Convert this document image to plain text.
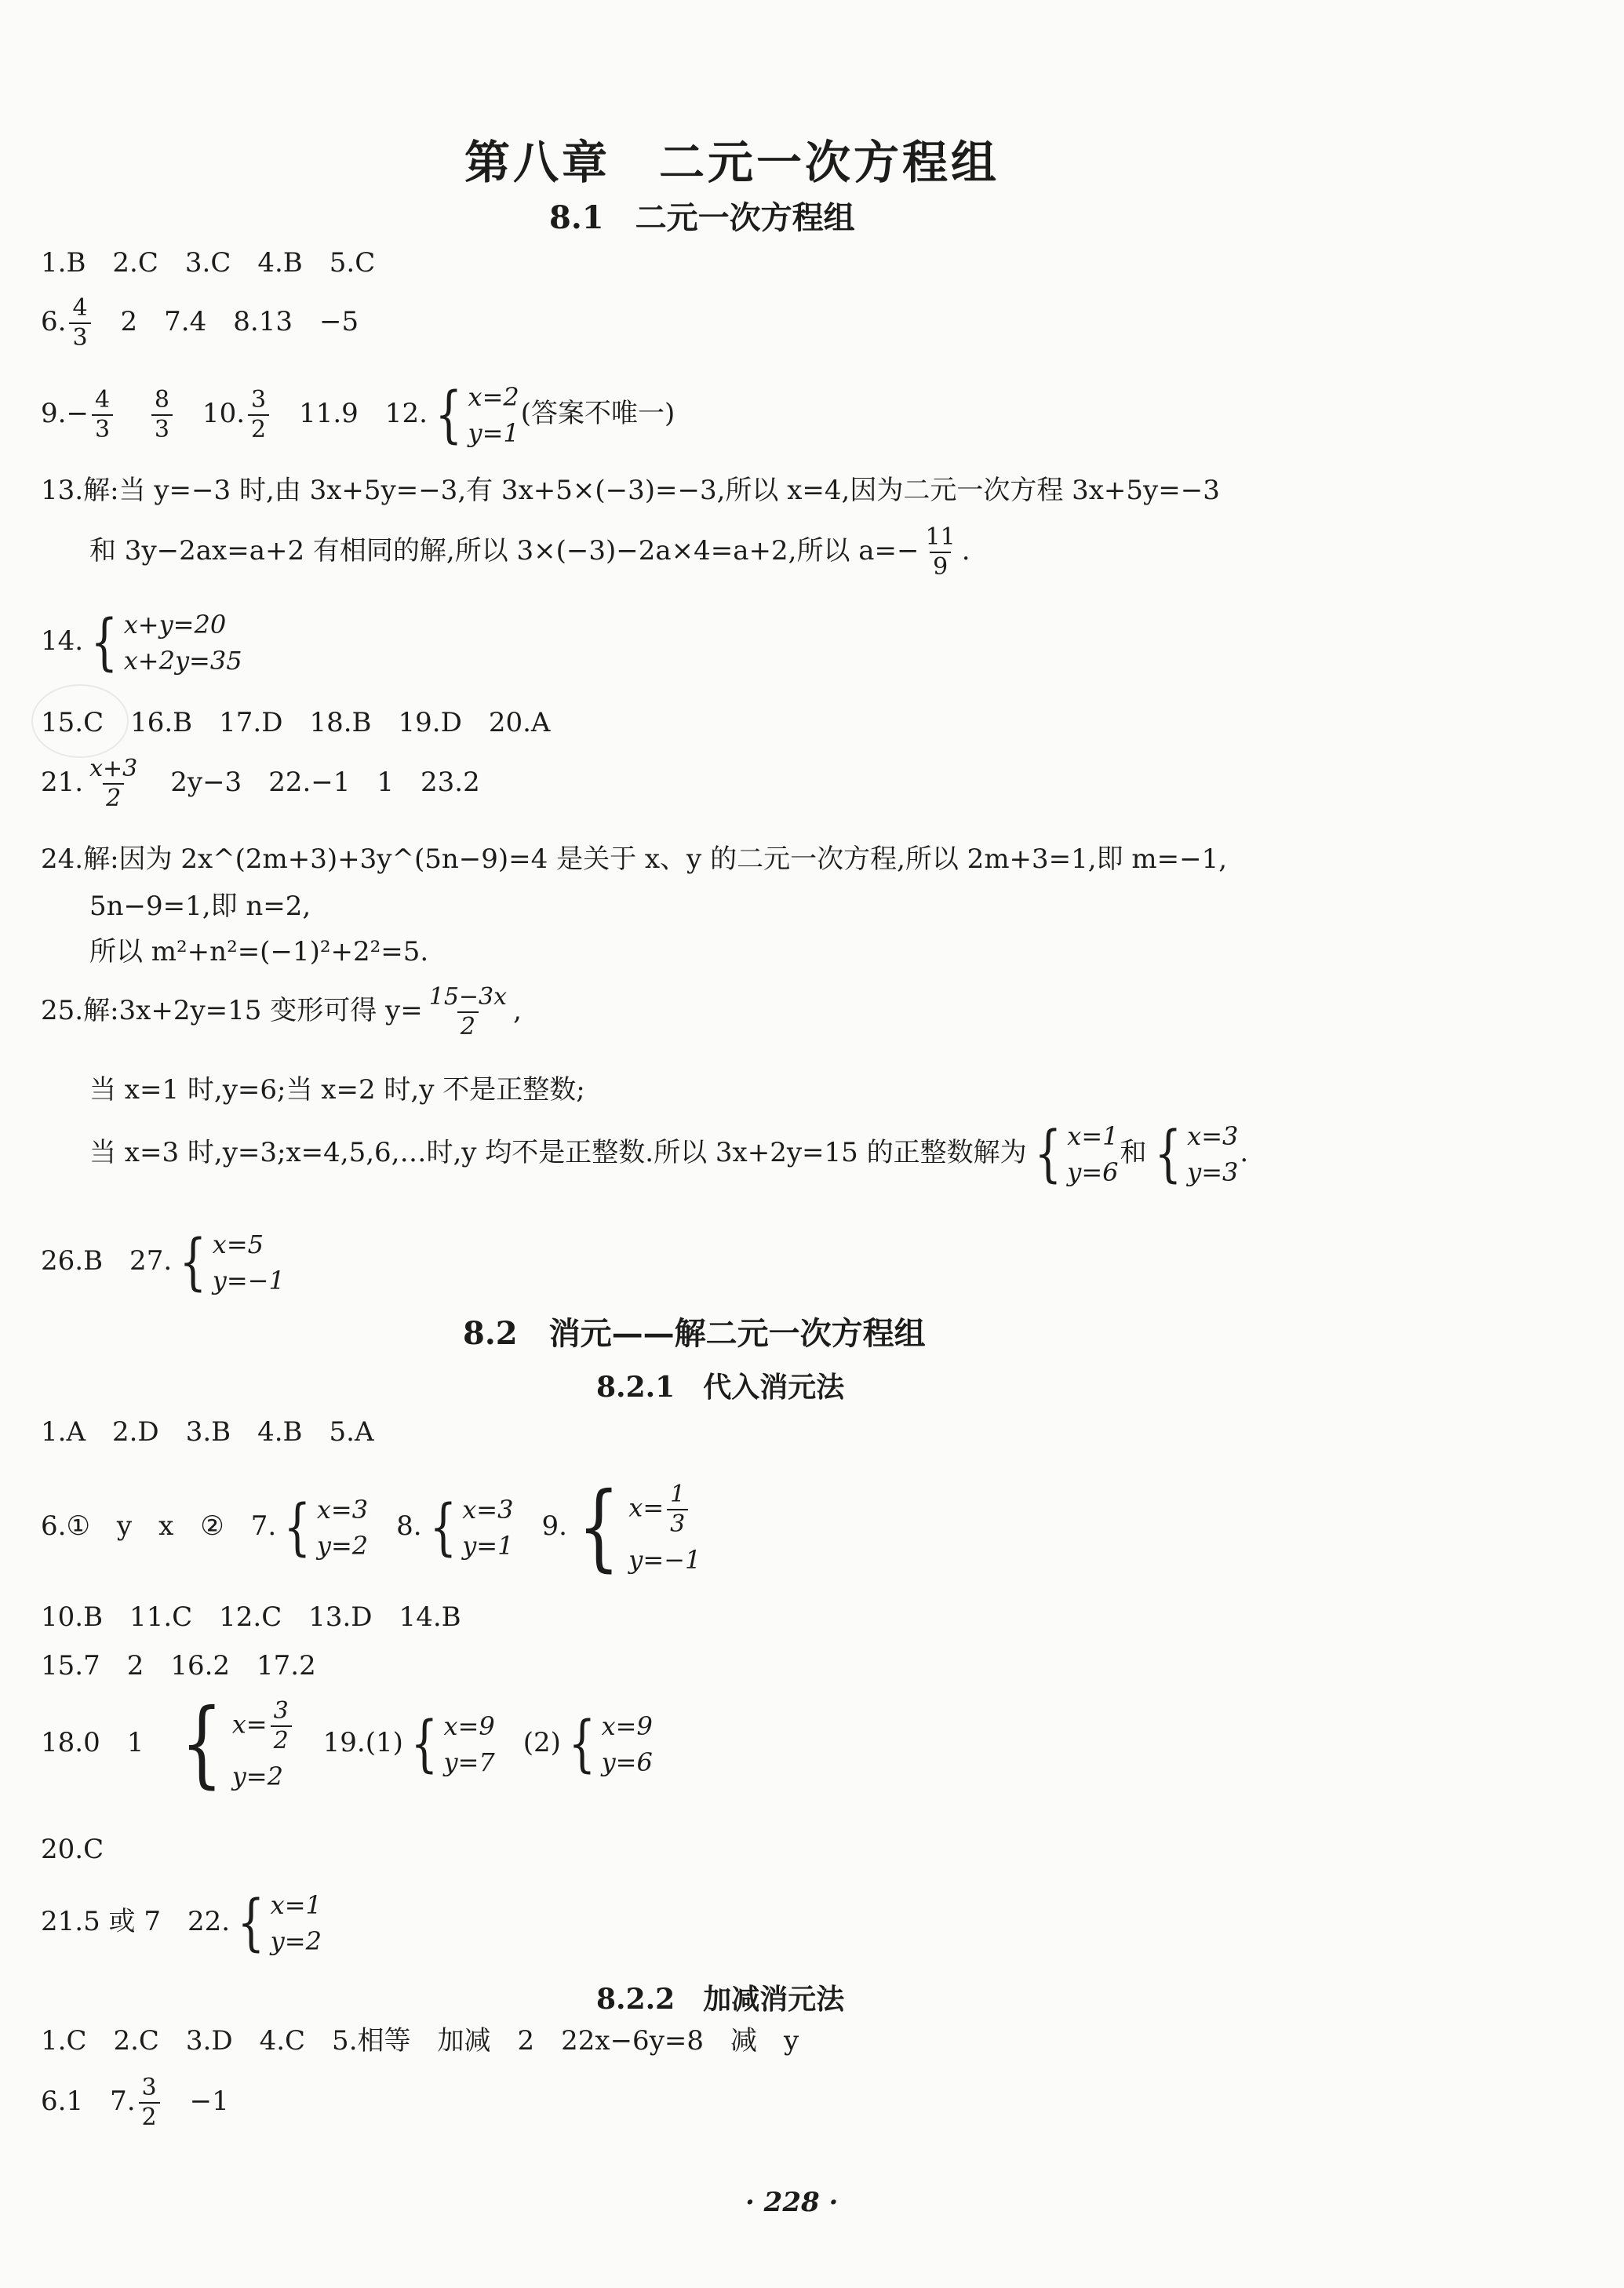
第八章　二元一次方程组
8.1　二元一次方程组
1.B　2.C　3.C　4.B　5.C
6. $\frac{4}{3}$ 　2　7.4　8.13　−5
$9.- \frac{4}{3}$
$\frac{8}{3}$ 　10. $\frac{3}{2}$ 　11.9　12. { x=2
y=1
(答案不唯一)
13.解:当 y=−3 时,由 3x+5y=−3,有 3x+5×(−3)=−3,所以 x=4,因为二元一次方程 3x+5y=−3
和 3y−2ax=a+2 有相同的解,所以 3×(−3)−2a×4=a+2,所以 $a=- \frac{11}{9}$ .
14. { x+y=20
x+2y=35
15.C　16.B　17.D　18.B　19.D　20.A
21. $\frac{x+3}{2}$ 　2y−3　22.−1　1　23.2
24.解:因为 2x^(2m+3)+3y^(5n−9)=4 是关于 x、y 的二元一次方程,所以 2m+3=1,即 m=−1,
5n−9=1,即 n=2,
所以 m²+n²=(−1)²+2²=5.
25.解:3x+2y=15 变形可得 $y= \frac{15-3x}{2}$ ,
当 x=1 时,y=6;当 x=2 时,y 不是正整数;
当 x=3 时,y=3;x=4,5,6,…时,y 均不是正整数.所以 3x+2y=15 的正整数解为 { x=1
y=6
和 { x=3
y=3
.
26.B　27. { x=5
y=−1
8.2　消元——解二元一次方程组
8.2.1　代入消元法
1.A　2.D　3.B　4.B　5.A
6.①　y　x　②　7. { x=3
y=2
　8. { x=3
y=1
　9. { $x= \frac{1}{3}$
y=−1
10.B　11.C　12.C　13.D　14.B
15.7　2　16.2　17.2
18.0　1　 { $x= \frac{3}{2}$
y=2
　19.(1) { x=9
y=7
　(2) { x=9
y=6
20.C
21.5 或 7　22. { x=1
y=2
8.2.2　加减消元法
1.C　2.C　3.D　4.C　5.相等　加减　2　22x−6y=8　减　y
6.1　7. $\frac{3}{2}$ 　−1
· 228 ·
